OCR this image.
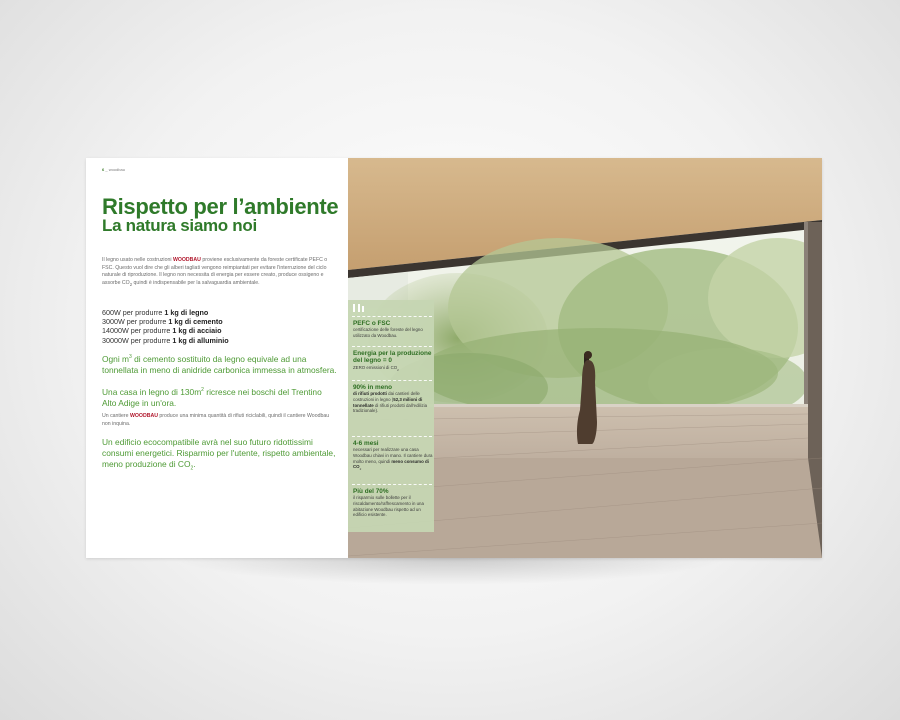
6 _ woodbau
Rispetto per l’ambiente
La natura siamo noi
Il legno usato nelle costruzioni WOODBAU proviene esclusivamente da foreste certificate PEFC o FSC. Questo vuol dire che gli alberi tagliati vengono reimpiantati per evitare l'interruzione del ciclo naturale di riproduzione. Il legno non necessita di energia per essere creato, produce ossigeno e assorbe $CO_2$ quindi è indispensabile per la salvaguardia ambientale.
600W per produrre 1 kg di legno
3000W per produrre 1 kg di cemento
14000W per produrre 1 kg di acciaio
30000W per produrre 1 kg di alluminio
Ogni $m^3$ di cemento sostituito da legno equivale ad una tonnellata in meno di anidride carbonica immessa in atmosfera.
Una casa in legno di $130m^2$ ricresce nei boschi del Trentino Alto Adige in un'ora.
Un cantiere WOODBAU produce una minima quantità di rifiuti riciclabili, quindi il cantiere Woodbau non inquina.
Un edificio ecocompatibile avrà nel suo futuro ridottissimi consumi energetici. Risparmio per l'utente, rispetto ambientale, meno produzione di $CO_2$.
PEFC o FSC
certificazione delle foreste del legno utilizzato da Woodbau.
Energia per la produzione del legno = 0
ZERO emissioni di $CO_2$
90% in meno
di rifiuti prodotti dai cantieri delle costruzioni in legno (52,3 milioni di tonnellate di rifiuti prodotti dall'edilizia tradizionale).
4-6 mesi
necessari per realizzare una casa Woodbau chiavi in mano. Il cantiere dura molto meno, quindi meno consumo di $CO_2$
Più del 70%
il risparmio sulle bollette per il riscaldamento/raffrescamento in una abitazione Woodbau rispetto ad un edificio esistente.
